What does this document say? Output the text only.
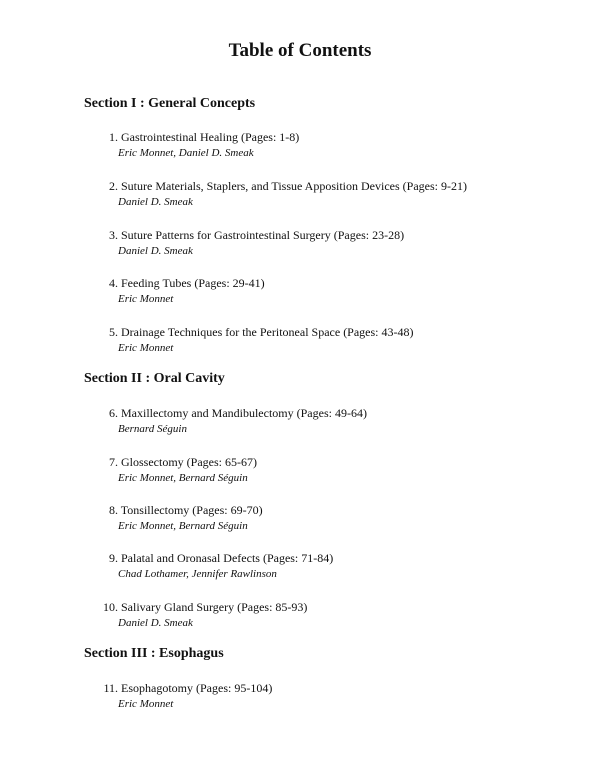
Table of Contents
Section I : General Concepts
1. Gastrointestinal Healing (Pages: 1-8)
Eric Monnet, Daniel D. Smeak
2. Suture Materials, Staplers, and Tissue Apposition Devices (Pages: 9-21)
Daniel D. Smeak
3. Suture Patterns for Gastrointestinal Surgery (Pages: 23-28)
Daniel D. Smeak
4. Feeding Tubes (Pages: 29-41)
Eric Monnet
5. Drainage Techniques for the Peritoneal Space (Pages: 43-48)
Eric Monnet
Section II : Oral Cavity
6. Maxillectomy and Mandibulectomy (Pages: 49-64)
Bernard Séguin
7. Glossectomy (Pages: 65-67)
Eric Monnet, Bernard Séguin
8. Tonsillectomy (Pages: 69-70)
Eric Monnet, Bernard Séguin
9. Palatal and Oronasal Defects (Pages: 71-84)
Chad Lothamer, Jennifer Rawlinson
10. Salivary Gland Surgery (Pages: 85-93)
Daniel D. Smeak
Section III : Esophagus
11. Esophagotomy (Pages: 95-104)
Eric Monnet
